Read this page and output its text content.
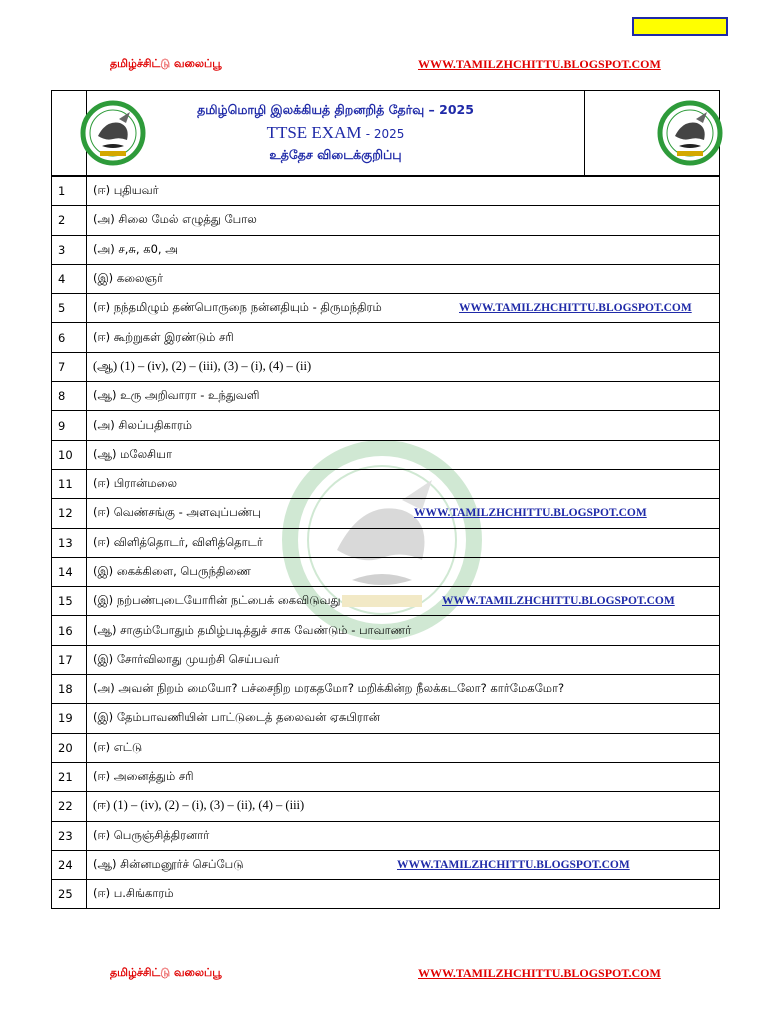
தமிழ்ச்சிட்டு வலைப்பூ	WWW.TAMILZHCHITTU.BLOGSPOT.COM

தமிழ்மொழி இலக்கியத் திறனறித் தேர்வு – 2025
TTSE EXAM - 2025
உத்தேச விடைக்குறிப்பு

1	(ஈ) புதியவர்
2	(அ) சிலை மேல் எழுத்து போல
3	(அ) ச,சு, க0, அ
4	(இ) கலைஞர்
5	(ஈ) நந்தமிழும் தண்பொருநை நன்னதியும் - திருமந்திரம் WWW.TAMILZHCHITTU.BLOGSPOT.COM

6	(ஈ) கூற்றுகள் இரண்டும் சரி
7	(ஆ) (1) – (iv), (2) – (iii), (3) – (i), (4) – (ii)
8	(ஆ) உரு அறிவாரா - உந்துவளி
9	(அ) சிலப்பதிகாரம்
10	(ஆ) மலேசியா
11	(ஈ) பிரான்மலை
12	(ஈ) வெண்சங்கு - அளவுப்பண்பு WWW.TAMILZHCHITTU.BLOGSPOT.COM

13	(ஈ) விளித்தொடர், விளித்தொடர்
14	(இ) கைக்கிளை, பெருந்திணை
15	(இ) நற்பண்புடையோரின் நட்பைக் கைவிடுவது WWW.TAMILZHCHITTU.BLOGSPOT.COM

16	(ஆ) சாகும்போதும் தமிழ்படித்துச் சாக வேண்டும் - பாவாணர்
17	(இ) சோர்விலாது முயற்சி செய்பவர்
18	(அ) அவன் நிறம் மையோ? பச்சைநிற மரகதமோ? மறிக்கின்ற நீலக்கடலோ? கார்மேகமோ?
19	(இ) தேம்பாவணியின் பாட்டுடைத் தலைவன் ஏசுபிரான்
20	(ஈ) எட்டு
21	(ஈ) அனைத்தும் சரி
22	(ஈ) (1) – (iv), (2) – (i), (3) – (ii), (4) – (iii)
23	(ஈ) பெருஞ்சித்திரனார்
24	(ஆ) சின்னமனூர்ச் செப்பேடு WWW.TAMILZHCHITTU.BLOGSPOT.COM

25	(ஈ) ப.சிங்காரம்
தமிழ்ச்சிட்டு வலைப்பூ	WWW.TAMILZHCHITTU.BLOGSPOT.COM
